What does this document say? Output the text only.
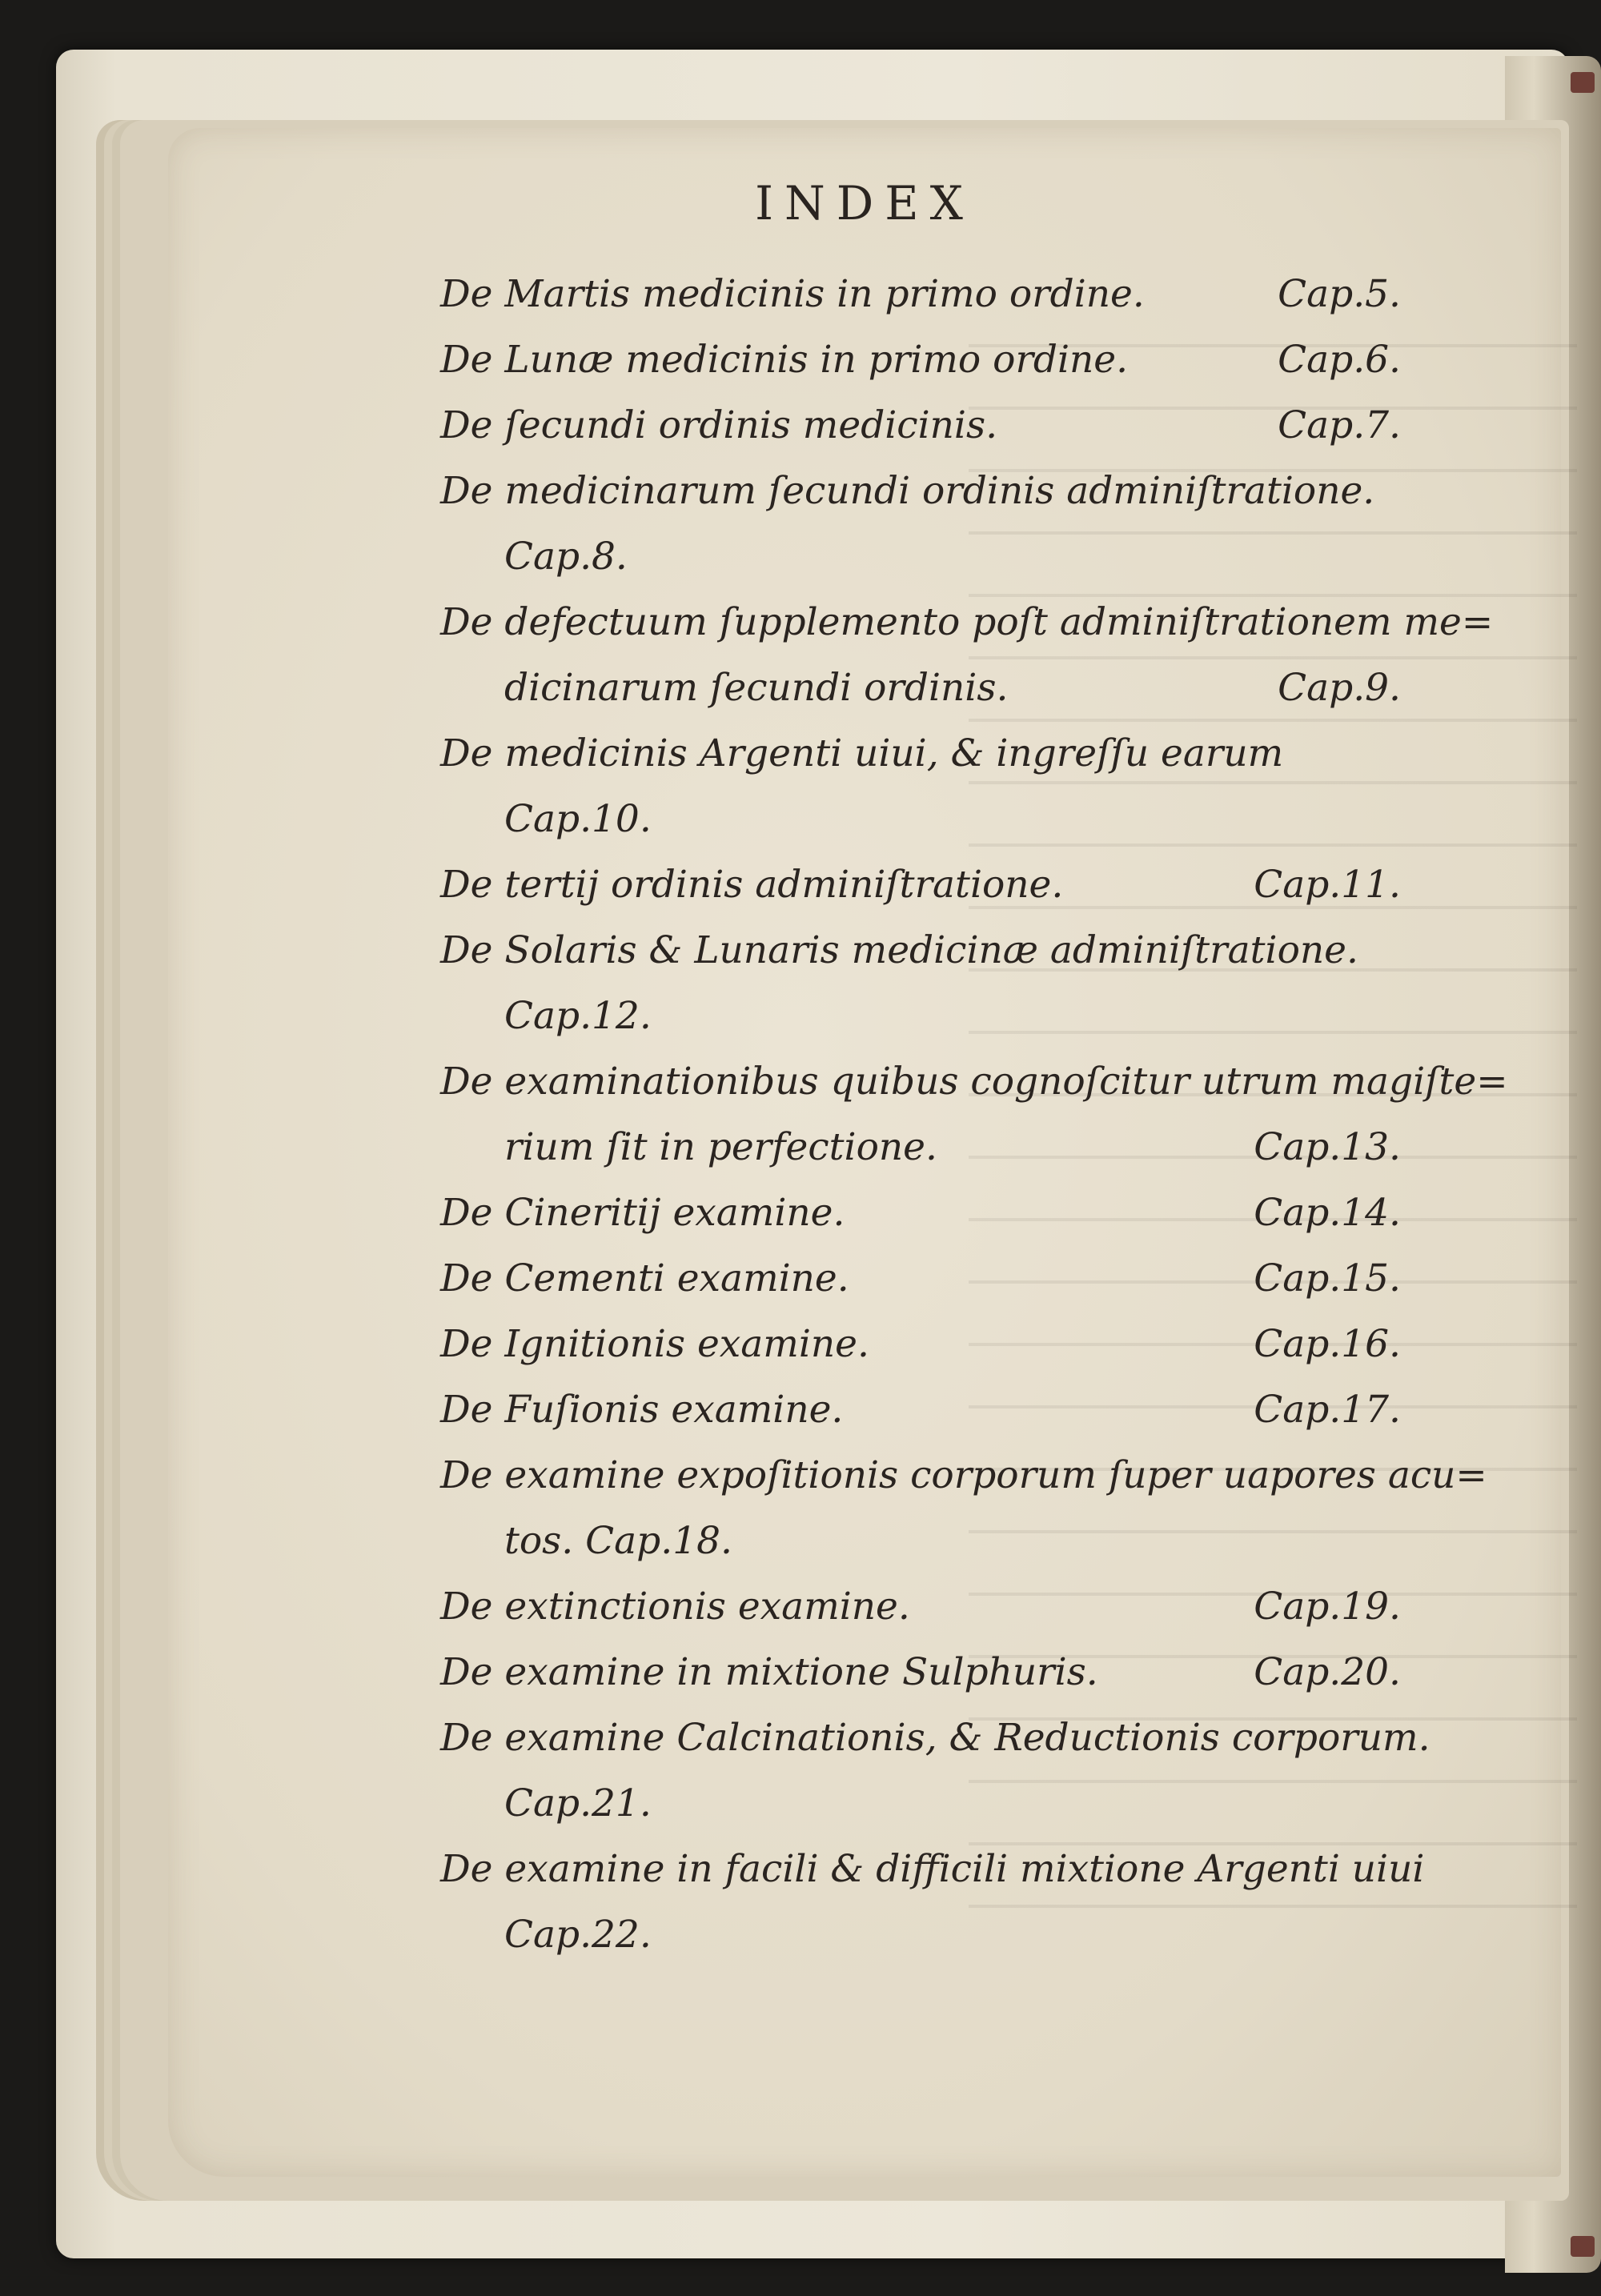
INDEX
De Martis medicinis in primo ordine.	Cap.5.
De Lunæ medicinis in primo ordine.	Cap.6.
De ſecundi ordinis medicinis.	Cap.7.
De medicinarum ſecundi ordinis adminiſtratione.
Cap.8.
De defectuum ſupplemento poſt adminiſtrationem me=
dicinarum ſecundi ordinis.	Cap.9.
De medicinis Argenti uiui, & ingreſſu earum
Cap.10.
De tertij ordinis adminiſtratione.	Cap.11.
De Solaris & Lunaris medicinæ adminiſtratione.
Cap.12.
De examinationibus quibus cognoſcitur utrum magiſte=
rium ſit in perfectione.	Cap.13.
De Cineritij examine.	Cap.14.
De Cementi examine.	Cap.15.
De Ignitionis examine.	Cap.16.
De Fuſionis examine.	Cap.17.
De examine expoſitionis corporum ſuper uapores acu=
tos. Cap.18.
De extinctionis examine.	Cap.19.
De examine in mixtione Sulphuris.	Cap.20.
De examine Calcinationis, & Reductionis corporum.
Cap.21.
De examine in facili & difficili mixtione Argenti uiui
Cap.22.
